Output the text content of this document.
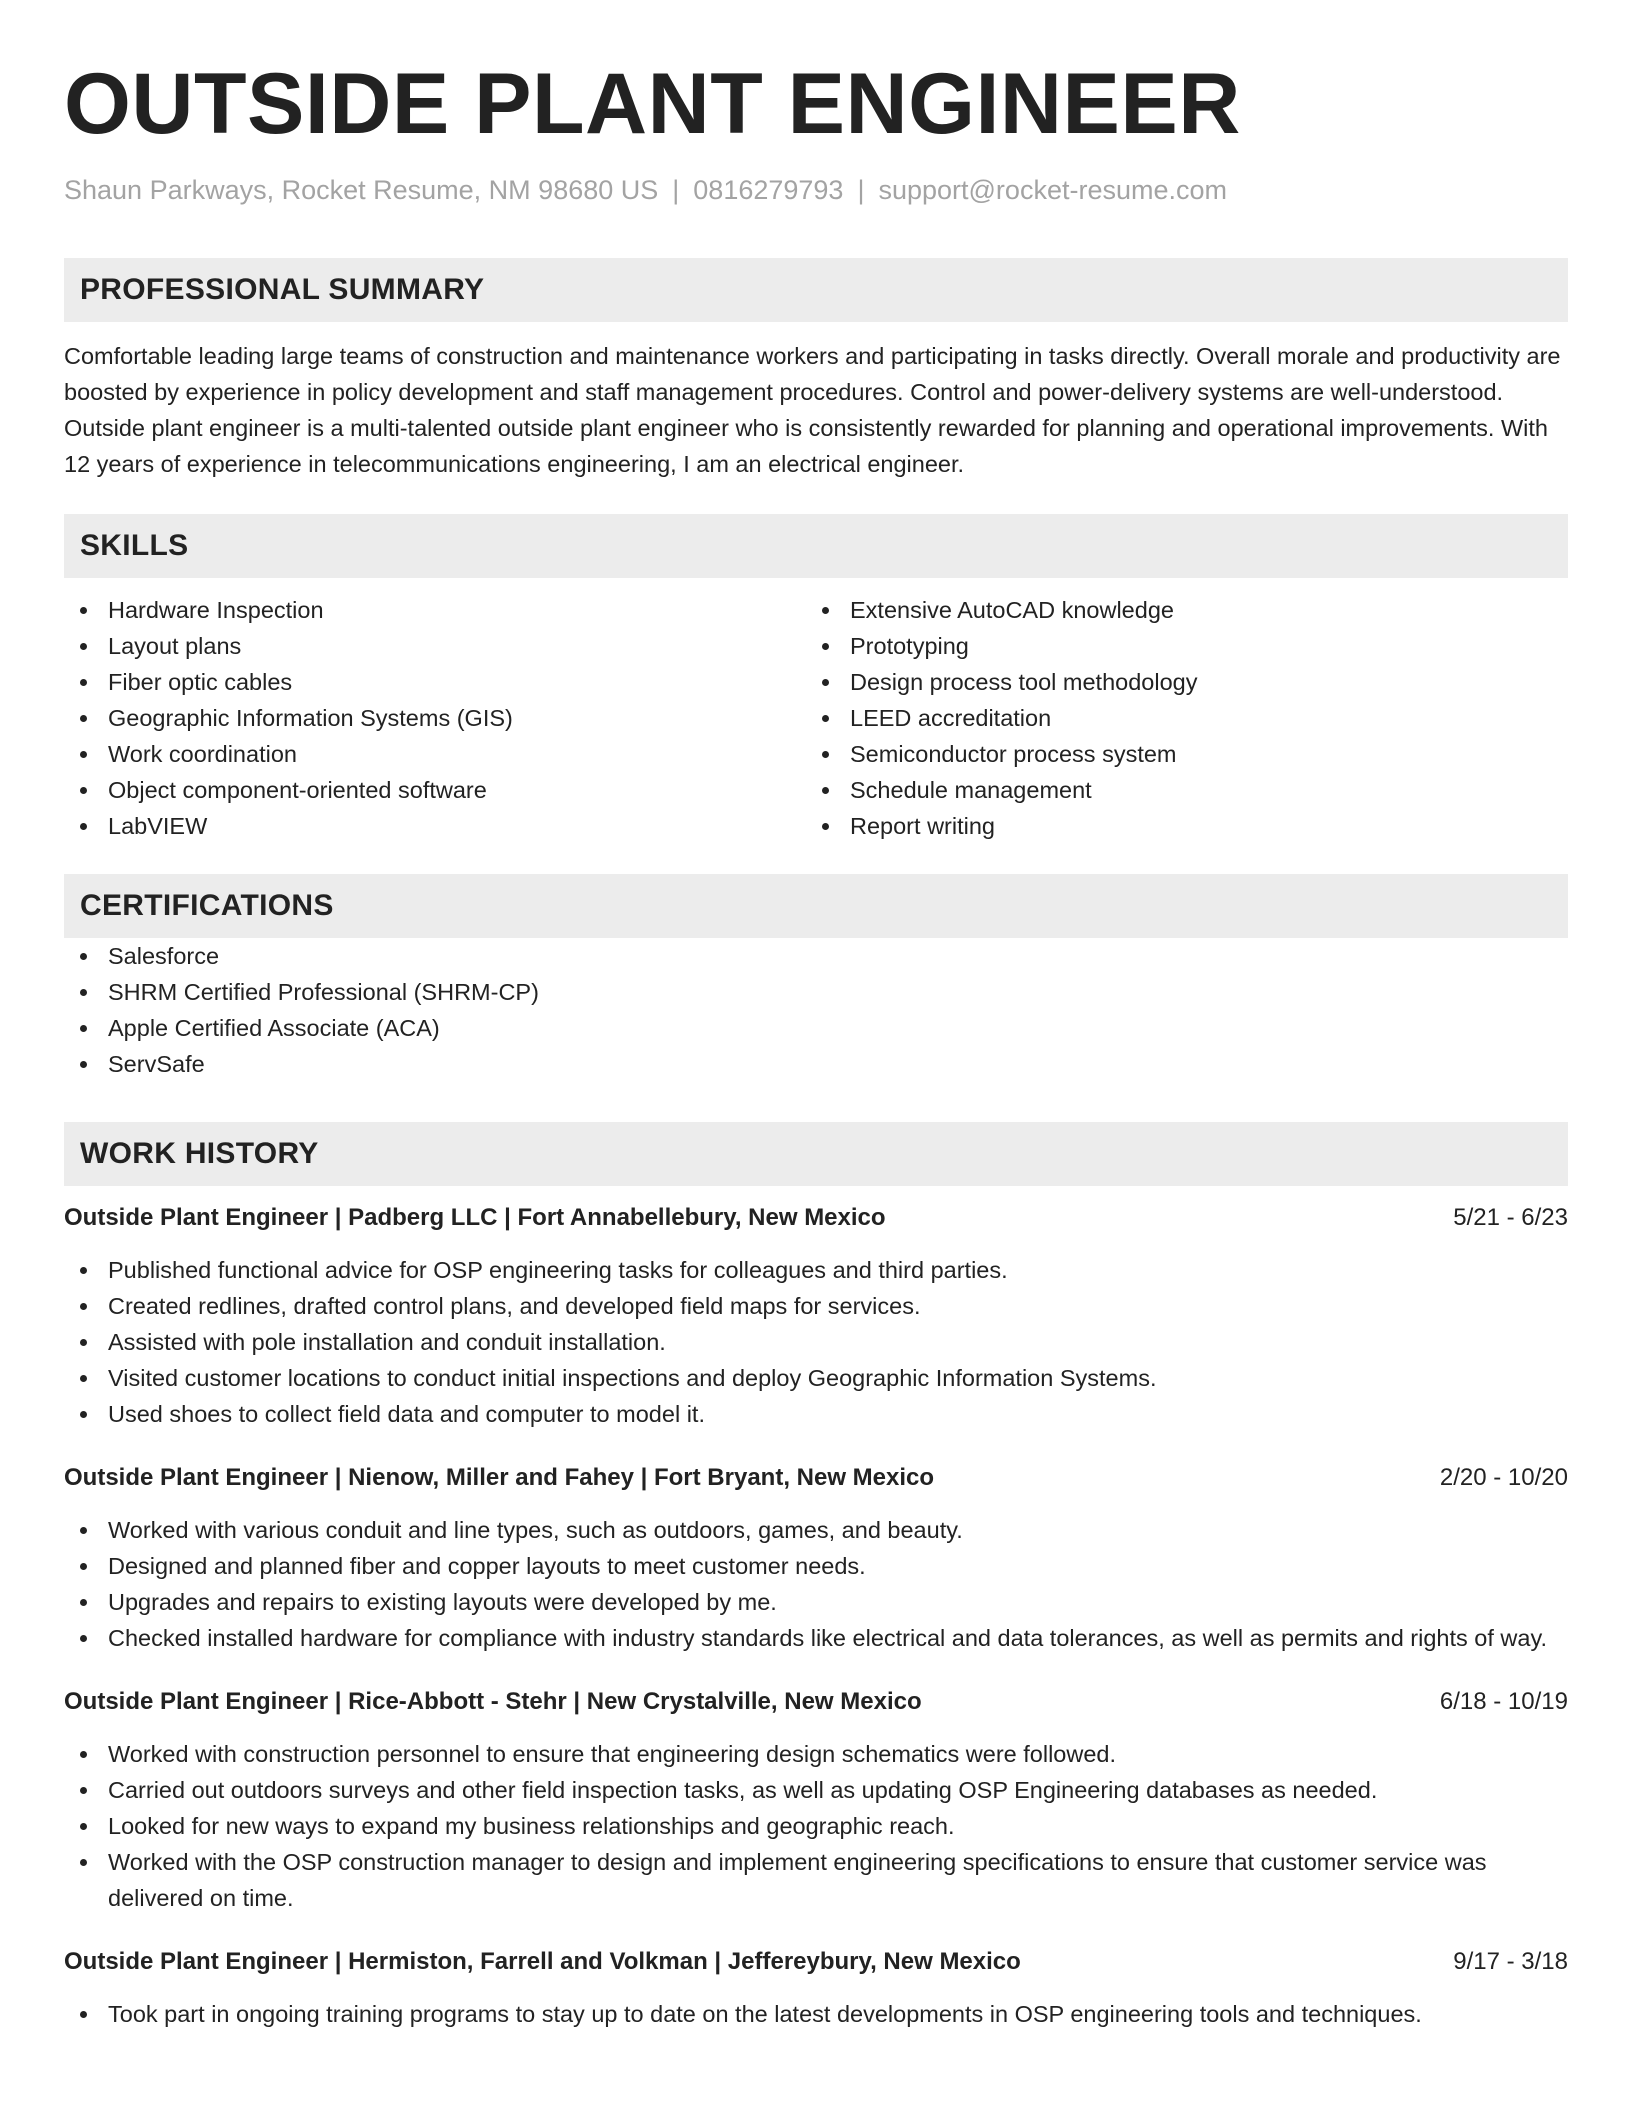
OUTSIDE PLANT ENGINEER
Shaun Parkways, Rocket Resume, NM 98680 US | 0816279793 | support@rocket-resume.com
PROFESSIONAL SUMMARY
Comfortable leading large teams of construction and maintenance workers and participating in tasks directly. Overall morale and productivity are boosted by experience in policy development and staff management procedures. Control and power-delivery systems are well-understood. Outside plant engineer is a multi-talented outside plant engineer who is consistently rewarded for planning and operational improvements. With 12 years of experience in telecommunications engineering, I am an electrical engineer.
SKILLS
Hardware Inspection
Layout plans
Fiber optic cables
Geographic Information Systems (GIS)
Work coordination
Object component-oriented software
LabVIEW
Extensive AutoCAD knowledge
Prototyping
Design process tool methodology
LEED accreditation
Semiconductor process system
Schedule management
Report writing
CERTIFICATIONS
Salesforce
SHRM Certified Professional (SHRM-CP)
Apple Certified Associate (ACA)
ServSafe
WORK HISTORY
Outside Plant Engineer | Padberg LLC | Fort Annabellebury, New Mexico	5/21 - 6/23
Published functional advice for OSP engineering tasks for colleagues and third parties.
Created redlines, drafted control plans, and developed field maps for services.
Assisted with pole installation and conduit installation.
Visited customer locations to conduct initial inspections and deploy Geographic Information Systems.
Used shoes to collect field data and computer to model it.
Outside Plant Engineer | Nienow, Miller and Fahey | Fort Bryant, New Mexico	2/20 - 10/20
Worked with various conduit and line types, such as outdoors, games, and beauty.
Designed and planned fiber and copper layouts to meet customer needs.
Upgrades and repairs to existing layouts were developed by me.
Checked installed hardware for compliance with industry standards like electrical and data tolerances, as well as permits and rights of way.
Outside Plant Engineer | Rice-Abbott - Stehr | New Crystalville, New Mexico	6/18 - 10/19
Worked with construction personnel to ensure that engineering design schematics were followed.
Carried out outdoors surveys and other field inspection tasks, as well as updating OSP Engineering databases as needed.
Looked for new ways to expand my business relationships and geographic reach.
Worked with the OSP construction manager to design and implement engineering specifications to ensure that customer service was delivered on time.
Outside Plant Engineer | Hermiston, Farrell and Volkman | Jeffereybury, New Mexico	9/17 - 3/18
Took part in ongoing training programs to stay up to date on the latest developments in OSP engineering tools and techniques.
